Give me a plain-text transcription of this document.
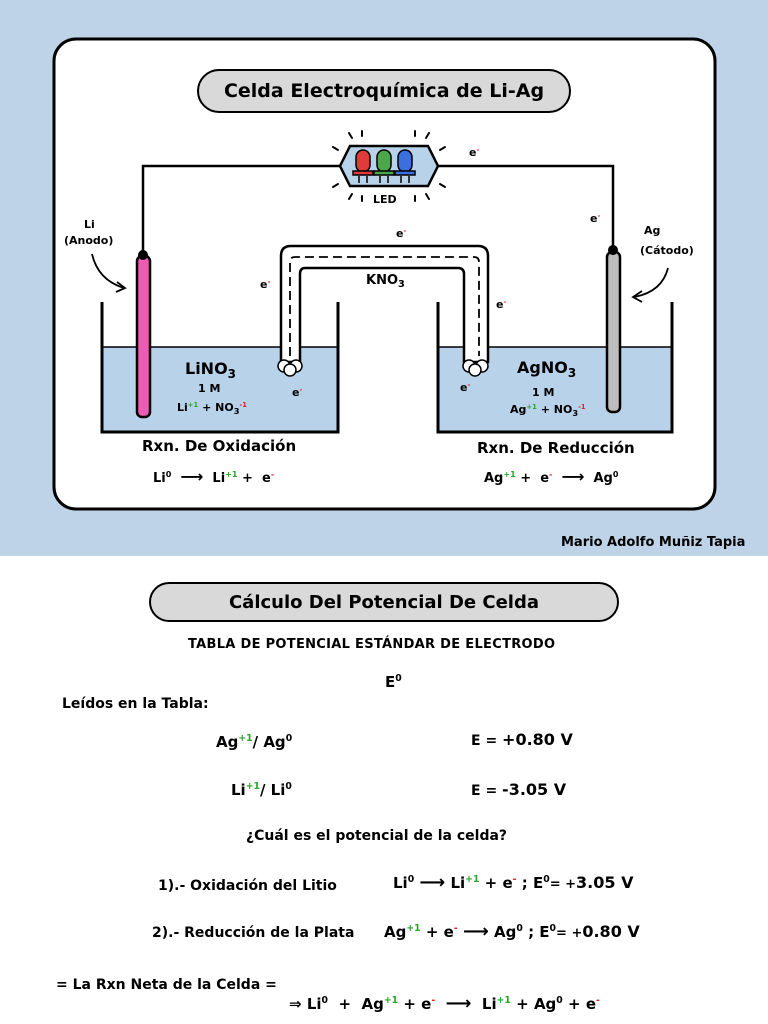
Celda Electroquímica de Li-Ag
LED
Li
(Anodo)
Ag
(Cátodo)
$KNO_3$
e-
e-
e-
e-
e-
e-	e-
LiNO$_3$
1 M
$Li^{+1} + NO_3^{-1}$
AgNO$_3$
1 M
$Ag^{+1} + NO_3^{-1}$
Rxn. De Oxidación
Li$^0$ ⟶ $Li^{+1} + e^-$
Rxn. De Reducción
$Ag^{+1} + e^-$ ⟶ Ag$^0$
Mario Adolfo Muñiz Tapia
Cálculo Del Potencial De Celda
TABLA DE POTENCIAL ESTÁNDAR DE ELECTRODO
$E^0$
Leídos en la Tabla:
$Ag^{+1}/$ Ag$^0$	E = +0.80 V
$Li^{+1}/$ Li$^0$	E = -3.05 V
¿Cuál es el potencial de la celda?
1).- Oxidación del Litio	Li$^0$ ⟶ $Li^{+1} + e^-$ ; $E^0= +3.05$ V
2).- Reducción de la Plata $Ag^{+1} + e^-$ ⟶ Ag$^0$ ; $E^0= +0.80$ V
= La Rxn Neta de la Celda =
⇒ $Li^0 + Ag^{+1} + e^-$ ⟶ $Li^{+1} + Ag^0 + e^-$
